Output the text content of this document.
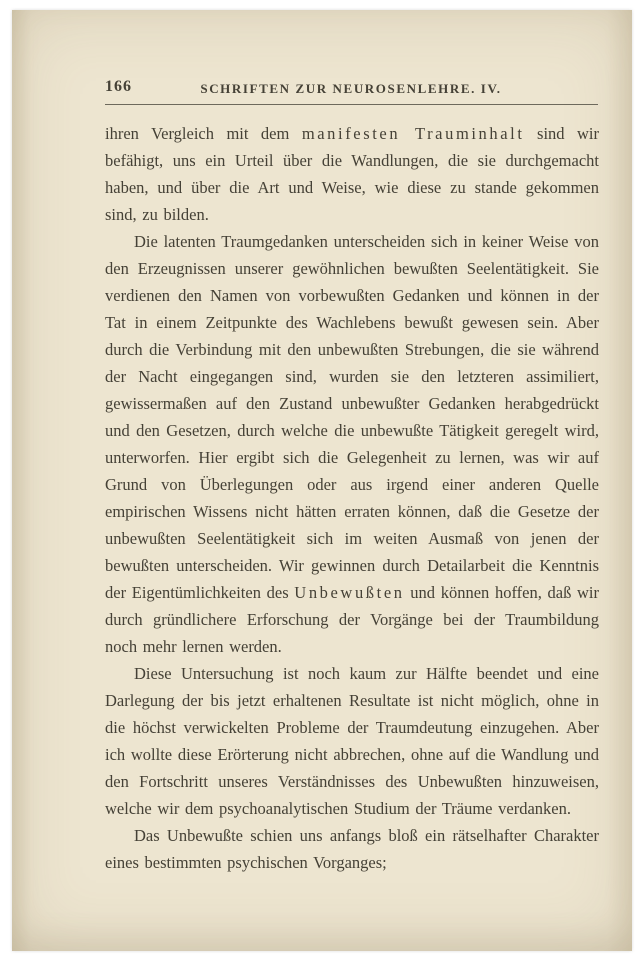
166	SCHRIFTEN ZUR NEUROSENLEHRE. IV.

ihren Vergleich mit dem manifesten Trauminhalt sind wir befähigt, uns ein Urteil über die Wandlungen, die sie durchgemacht haben, und über die Art und Weise, wie diese zu stande gekommen sind, zu bilden.

Die latenten Traumgedanken unterscheiden sich in keiner Weise von den Erzeugnissen unserer gewöhnlichen bewußten Seelentätigkeit. Sie verdienen den Namen von vorbewußten Gedanken und können in der Tat in einem Zeitpunkte des Wachlebens bewußt gewesen sein. Aber durch die Verbindung mit den unbewußten Strebungen, die sie während der Nacht eingegangen sind, wurden sie den letzteren assimiliert, gewissermaßen auf den Zustand unbewußter Gedanken herabgedrückt und den Gesetzen, durch welche die unbewußte Tätigkeit geregelt wird, unterworfen. Hier ergibt sich die Gelegenheit zu lernen, was wir auf Grund von Überlegungen oder aus irgend einer anderen Quelle empirischen Wissens nicht hätten erraten können, daß die Gesetze der unbewußten Seelentätigkeit sich im weiten Ausmaß von jenen der bewußten unterscheiden. Wir gewinnen durch Detailarbeit die Kenntnis der Eigentümlichkeiten des Unbewußten und können hoffen, daß wir durch gründlichere Erforschung der Vorgänge bei der Traumbildung noch mehr lernen werden.

Diese Untersuchung ist noch kaum zur Hälfte beendet und eine Darlegung der bis jetzt erhaltenen Resultate ist nicht möglich, ohne in die höchst verwickelten Probleme der Traumdeutung einzugehen. Aber ich wollte diese Erörterung nicht abbrechen, ohne auf die Wandlung und den Fortschritt unseres Verständnisses des Unbewußten hinzuweisen, welche wir dem psychoanalytischen Studium der Träume verdanken.

Das Unbewußte schien uns anfangs bloß ein rätselhafter Charakter eines bestimmten psychischen Vorganges;
